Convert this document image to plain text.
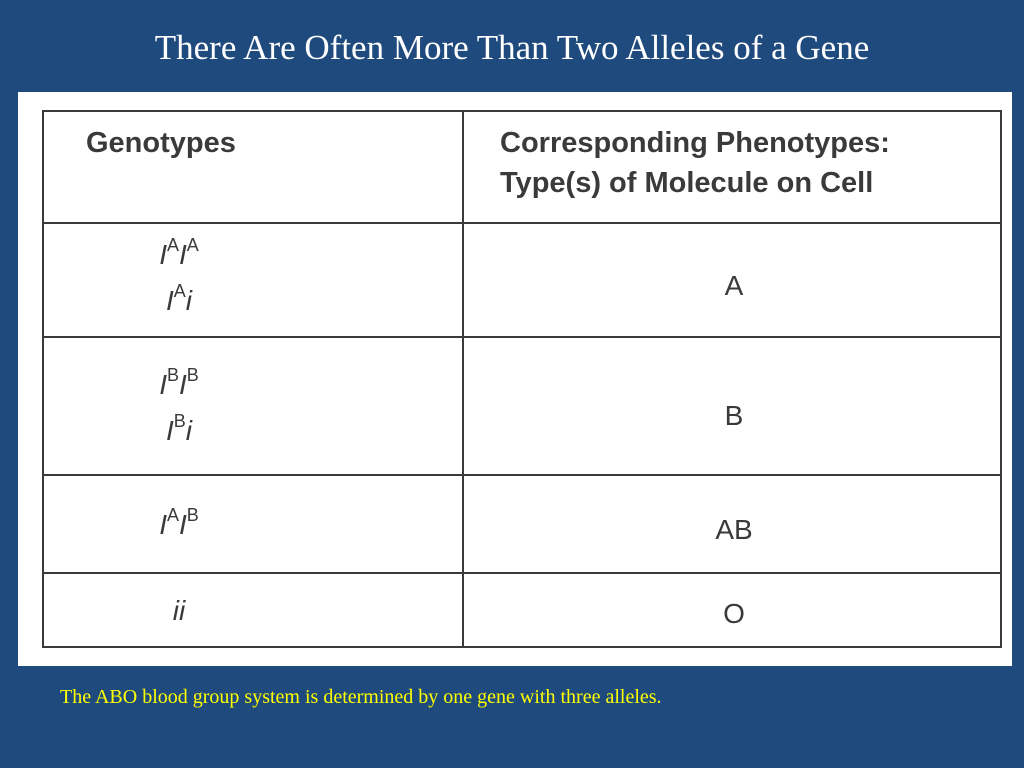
There Are Often More Than Two Alleles of a Gene
Genotypes	Corresponding Phenotypes:
Type(s) of Molecule on Cell
$I^AI^A$
$I^Ai$	A
$I^BI^B$
$I^Bi$	B
$I^AI^B$	AB
ii	O
The ABO blood group system is determined by one gene with three alleles.
